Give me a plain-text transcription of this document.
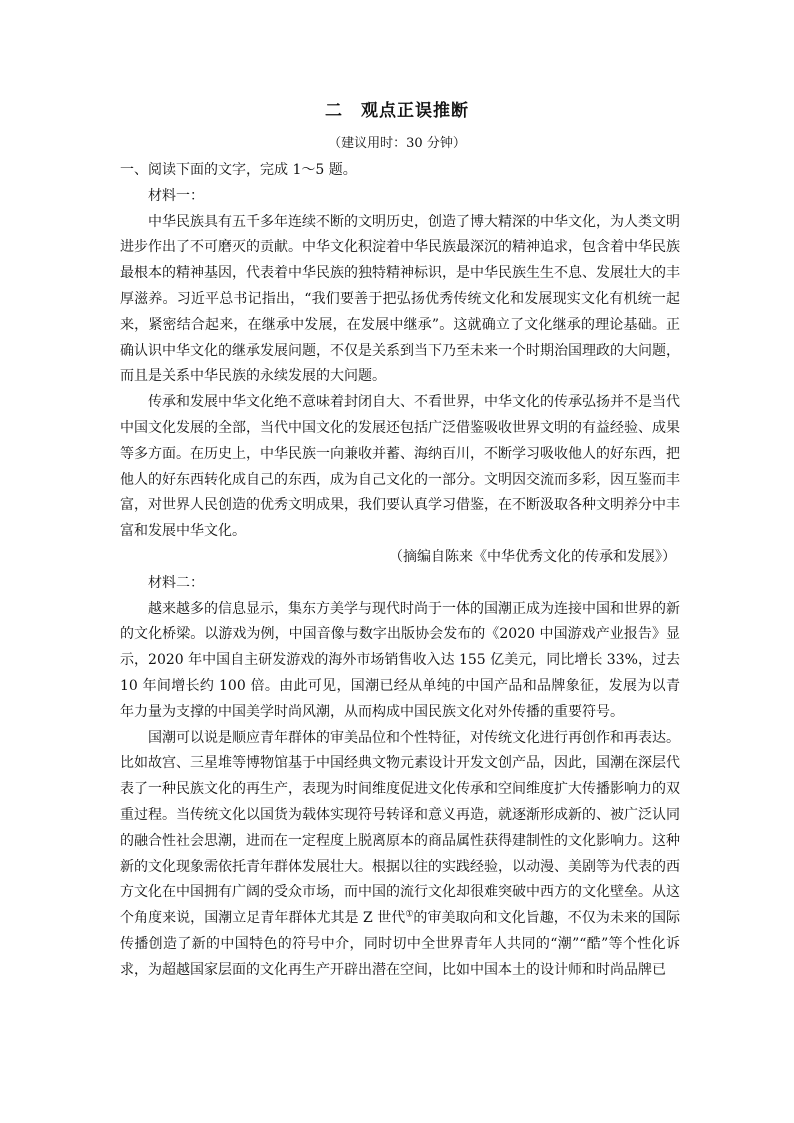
二　观点正误推断
（建议用时：30 分钟）

一、阅读下面的文字，完成 1～5 题。

材料一：

中华民族具有五千多年连续不断的文明历史，创造了博大精深的中华文化，为人类文明进步作出了不可磨灭的贡献。中华文化积淀着中华民族最深沉的精神追求，包含着中华民族最根本的精神基因，代表着中华民族的独特精神标识，是中华民族生生不息、发展壮大的丰厚滋养。习近平总书记指出，“我们要善于把弘扬优秀传统文化和发展现实文化有机统一起来，紧密结合起来，在继承中发展，在发展中继承”。这就确立了文化继承的理论基础。正确认识中华文化的继承发展问题，不仅是关系到当下乃至未来一个时期治国理政的大问题，而且是关系中华民族的永续发展的大问题。

传承和发展中华文化绝不意味着封闭自大、不看世界，中华文化的传承弘扬并不是当代中国文化发展的全部，当代中国文化的发展还包括广泛借鉴吸收世界文明的有益经验、成果等多方面。在历史上，中华民族一向兼收并蓄、海纳百川，不断学习吸收他人的好东西，把他人的好东西转化成自己的东西，成为自己文化的一部分。文明因交流而多彩，因互鉴而丰富，对世界人民创造的优秀文明成果，我们要认真学习借鉴，在不断汲取各种文明养分中丰富和发展中华文化。

（摘编自陈来《中华优秀文化的传承和发展》）

材料二：

越来越多的信息显示，集东方美学与现代时尚于一体的国潮正成为连接中国和世界的新的文化桥梁。以游戏为例，中国音像与数字出版协会发布的《2020 中国游戏产业报告》显示，2020 年中国自主研发游戏的海外市场销售收入达 155 亿美元，同比增长 33%，过去 10 年间增长约 100 倍。由此可见，国潮已经从单纯的中国产品和品牌象征，发展为以青年力量为支撑的中国美学时尚风潮，从而构成中国民族文化对外传播的重要符号。

国潮可以说是顺应青年群体的审美品位和个性特征，对传统文化进行再创作和再表达。比如故宫、三星堆等博物馆基于中国经典文物元素设计开发文创产品，因此，国潮在深层代表了一种民族文化的再生产，表现为时间维度促进文化传承和空间维度扩大传播影响力的双重过程。当传统文化以国货为载体实现符号转译和意义再造，就逐渐形成新的、被广泛认同的融合性社会思潮，进而在一定程度上脱离原本的商品属性获得建制性的文化影响力。这种新的文化现象需依托青年群体发展壮大。根据以往的实践经验，以动漫、美剧等为代表的西方文化在中国拥有广阔的受众市场，而中国的流行文化却很难突破中西方的文化壁垒。从这个角度来说，国潮立足青年群体尤其是 Z 世代①的审美取向和文化旨趣，不仅为未来的国际传播创造了新的中国特色的符号中介，同时切中全世界青年人共同的“潮”“酷”等个性化诉求，为超越国家层面的文化再生产开辟出潜在空间，比如中国本土的设计师和时尚品牌已
